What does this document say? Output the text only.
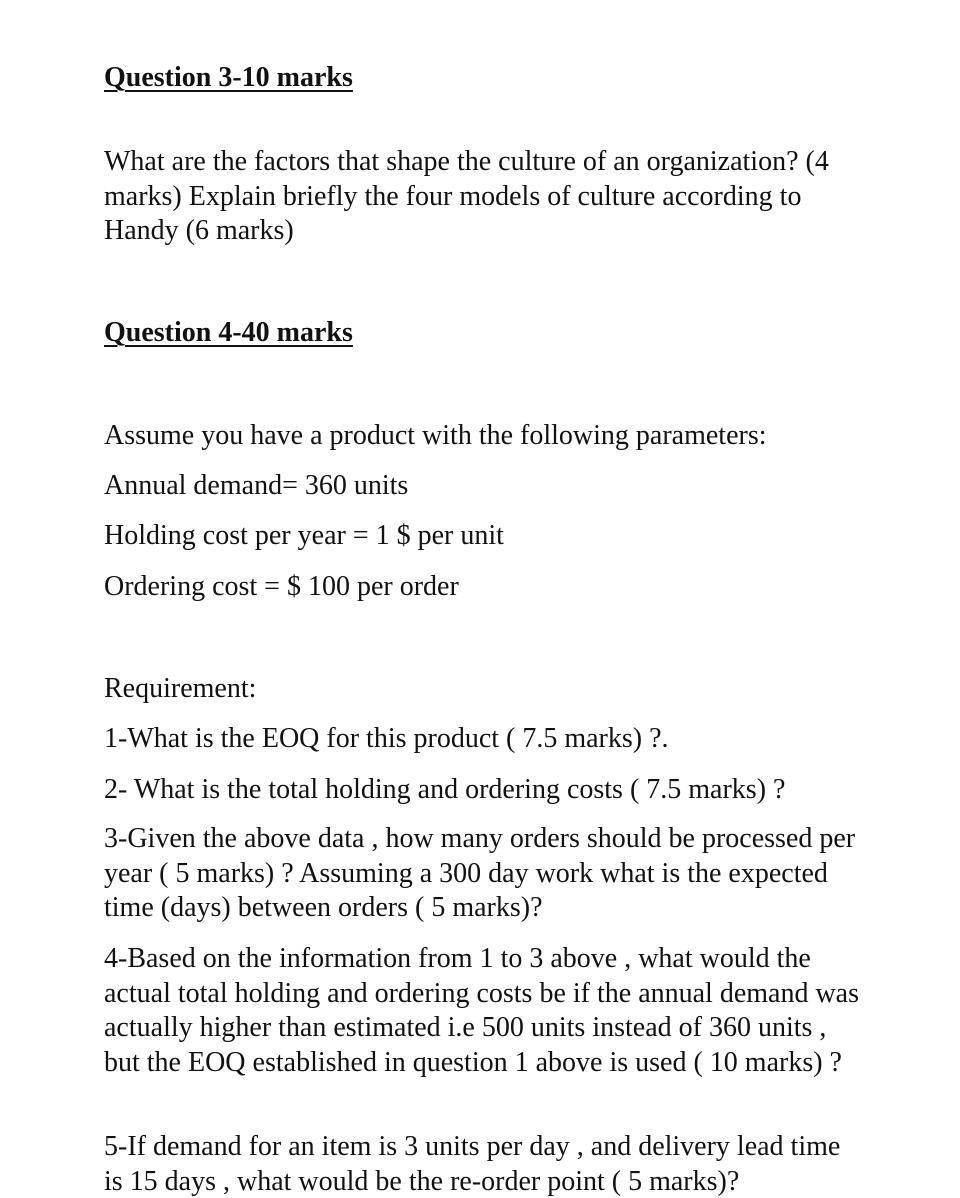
Question 3-10 marks
What are the factors that shape the culture of an organization? (4 marks) Explain briefly the four models of culture according to Handy (6 marks)
Question 4-40 marks
Assume you have a product with the following parameters:
Annual demand= 360 units
Holding cost per year = 1 $ per unit
Ordering cost = $ 100 per order
Requirement:
1-What is the EOQ for this product ( 7.5 marks) ?.
2- What is the total holding and ordering costs ( 7.5 marks) ?
3-Given the above data , how many orders should be processed per year ( 5 marks) ? Assuming a 300 day work what is the expected time (days) between orders ( 5 marks)?
4-Based on the information from 1 to 3 above , what would the actual total holding and ordering costs be if the annual demand was actually higher than estimated i.e 500 units instead of 360 units , but the EOQ established in question 1 above is used ( 10 marks) ?
5-If demand for an item is 3 units per day , and delivery lead time is 15 days , what would be the re-order point ( 5 marks)?
